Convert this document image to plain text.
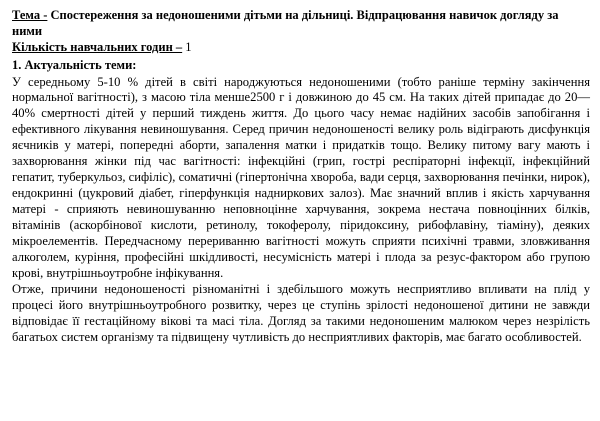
Тема - Спостереження за недоношеними дітьми на дільниці. Відпрацювання навичок догляду за ними
Кількість навчальних годин – 1
1. Актуальність теми:

У середньому 5-10 % дітей в світі народжуються недоношеними (тобто раніше терміну закінчення нормальної вагітності), з масою тіла менше2500 г і довжиною до 45 см. На таких дітей припадає до 20—40% смертності дітей у перший тиждень життя. До цього часу немає надійних засобів запобігання і ефективного лікування невиношування. Серед причин недоношеності велику роль відіграють дисфункція яєчників у матері, попередні аборти, запалення матки і придатків тощо. Велику питому вагу мають і захворювання жінки під час вагітності: інфекційні (грип, гострі респіраторні інфекції, інфекційний гепатит, туберкульоз, сифіліс), соматичні (гіпертонічна хвороба, вади серця, захворювання печінки, нирок), ендокринні (цукровий діабет, гіперфункція надниркових залоз). Має значний вплив і якість харчування матері - сприяють невиношуванню неповноцінне харчування, зокрема нестача повноцінних білків, вітамінів (аскорбінової кислоти, ретинолу, токоферолу, піридоксину, рибофлавіну, тіаміну), деяких мікроелементів. Передчасному перериванню вагітності можуть сприяти психічні травми, зловживання алкоголем, куріння, професійні шкідливості, несумісність матері і плода за резус-фактором або групою крові, внутрішньоутробне інфікування.

Отже, причини недоношеності різноманітні і здебільшого можуть несприятливо впливати на плід у процесі його внутрішньоутробного розвитку, через це ступінь зрілості недоношеної дитини не завжди відповідає її гестаційному вікові та масі тіла. Догляд за такими недоношеним малюком через незрілість багатьох систем організму та підвищену чутливість до несприятливих факторів, має багато особливостей.
